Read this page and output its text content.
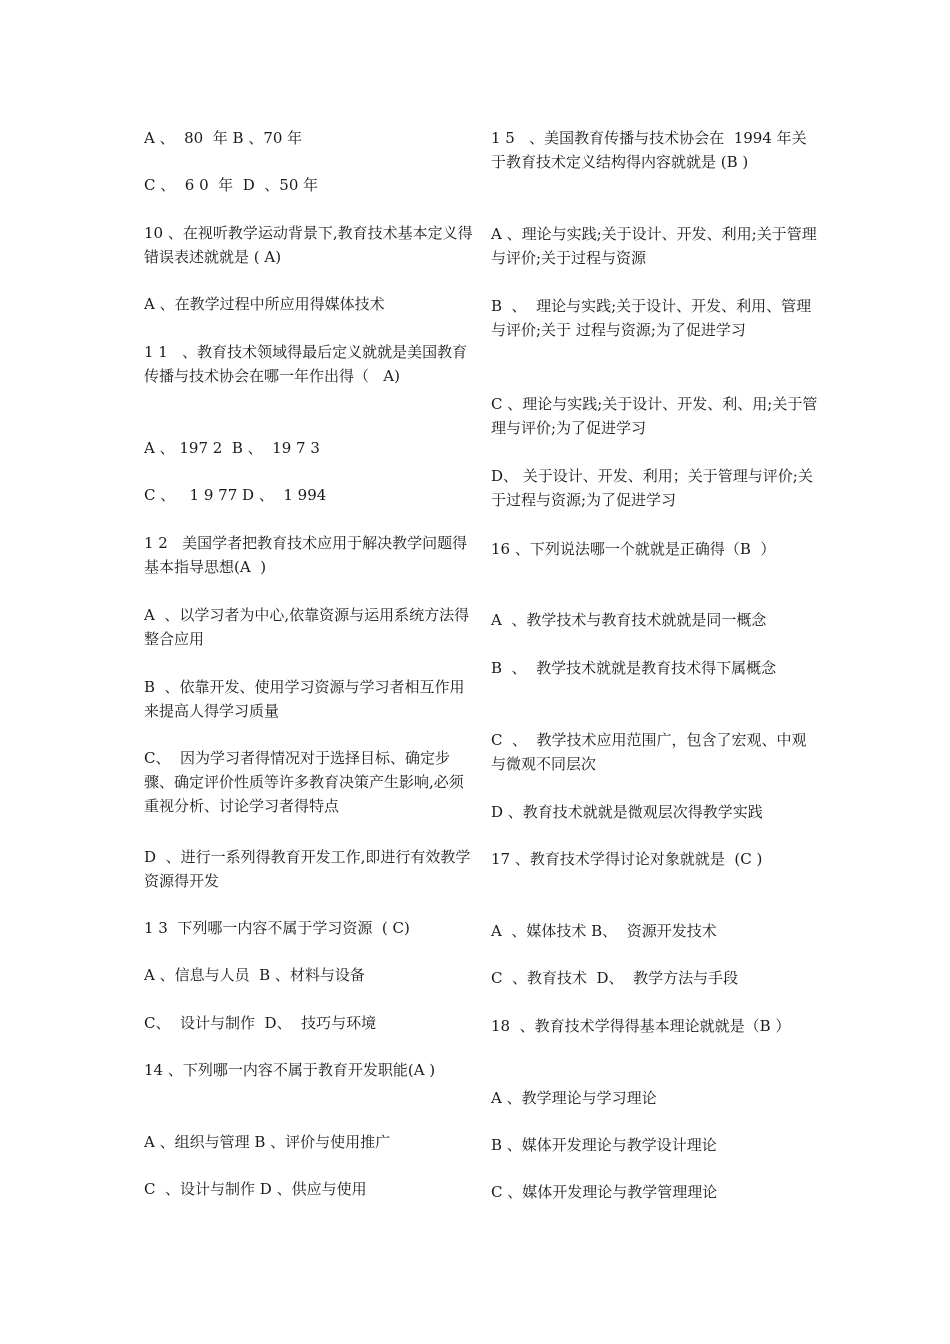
A 、  80  年 B 、70 年

C 、  6 0  年  D  、50 年

10 、在视听教学运动背景下,教育技术基本定义得错误表述就就是 ( A)

A 、在教学过程中所应用得媒体技术

1 1   、教育技术领域得最后定义就就是美国教育传播与技术协会在哪一年作出得（   A)

A 、 197 2  B 、  19 7 3

C 、   1 9 77 D 、  1 994

1 2   美国学者把教育技术应用于解决教学问题得基本指导思想(A  )

A  、以学习者为中心,依靠资源与运用系统方法得整合应用

B  、依靠开发、使用学习资源与学习者相互作用来提高人得学习质量

C、  因为学习者得情况对于选择目标、确定步骤、确定评价性质等许多教育决策产生影响,必须重视分析、讨论学习者得特点

D  、进行一系列得教育开发工作,即进行有效教学资源得开发

1 3  下列哪一内容不属于学习资源  ( C)

A 、信息与人员  B 、材料与设备

C、  设计与制作  D、  技巧与环境

14 、下列哪一内容不属于教育开发职能(A )

A 、组织与管理 B 、评价与使用推广

C  、设计与制作 D 、供应与使用

1 5   、美国教育传播与技术协会在  1994 年关于教育技术定义结构得内容就就是 (B )

A 、理论与实践;关于设计、开发、利用;关于管理与评价;关于过程与资源

B  、  理论与实践;关于设计、开发、利用、管理与评价;关于 过程与资源;为了促进学习

C 、理论与实践;关于设计、开发、利、用;关于管理与评价;为了促进学习

D、 关于设计、开发、利用；关于管理与评价;关于过程与资源;为了促进学习

16 、下列说法哪一个就就是正确得（B  ）

A  、教学技术与教育技术就就是同一概念

B  、  教学技术就就是教育技术得下属概念

C  、  教学技术应用范围广，包含了宏观、中观与微观不同层次

D 、教育技术就就是微观层次得教学实践

17 、教育技术学得讨论对象就就是  (C )

A  、媒体技术 B、  资源开发技术

C  、教育技术  D、  教学方法与手段

18  、教育技术学得得基本理论就就是（B ）

A 、教学理论与学习理论

B 、媒体开发理论与教学设计理论

C 、媒体开发理论与教学管理理论
